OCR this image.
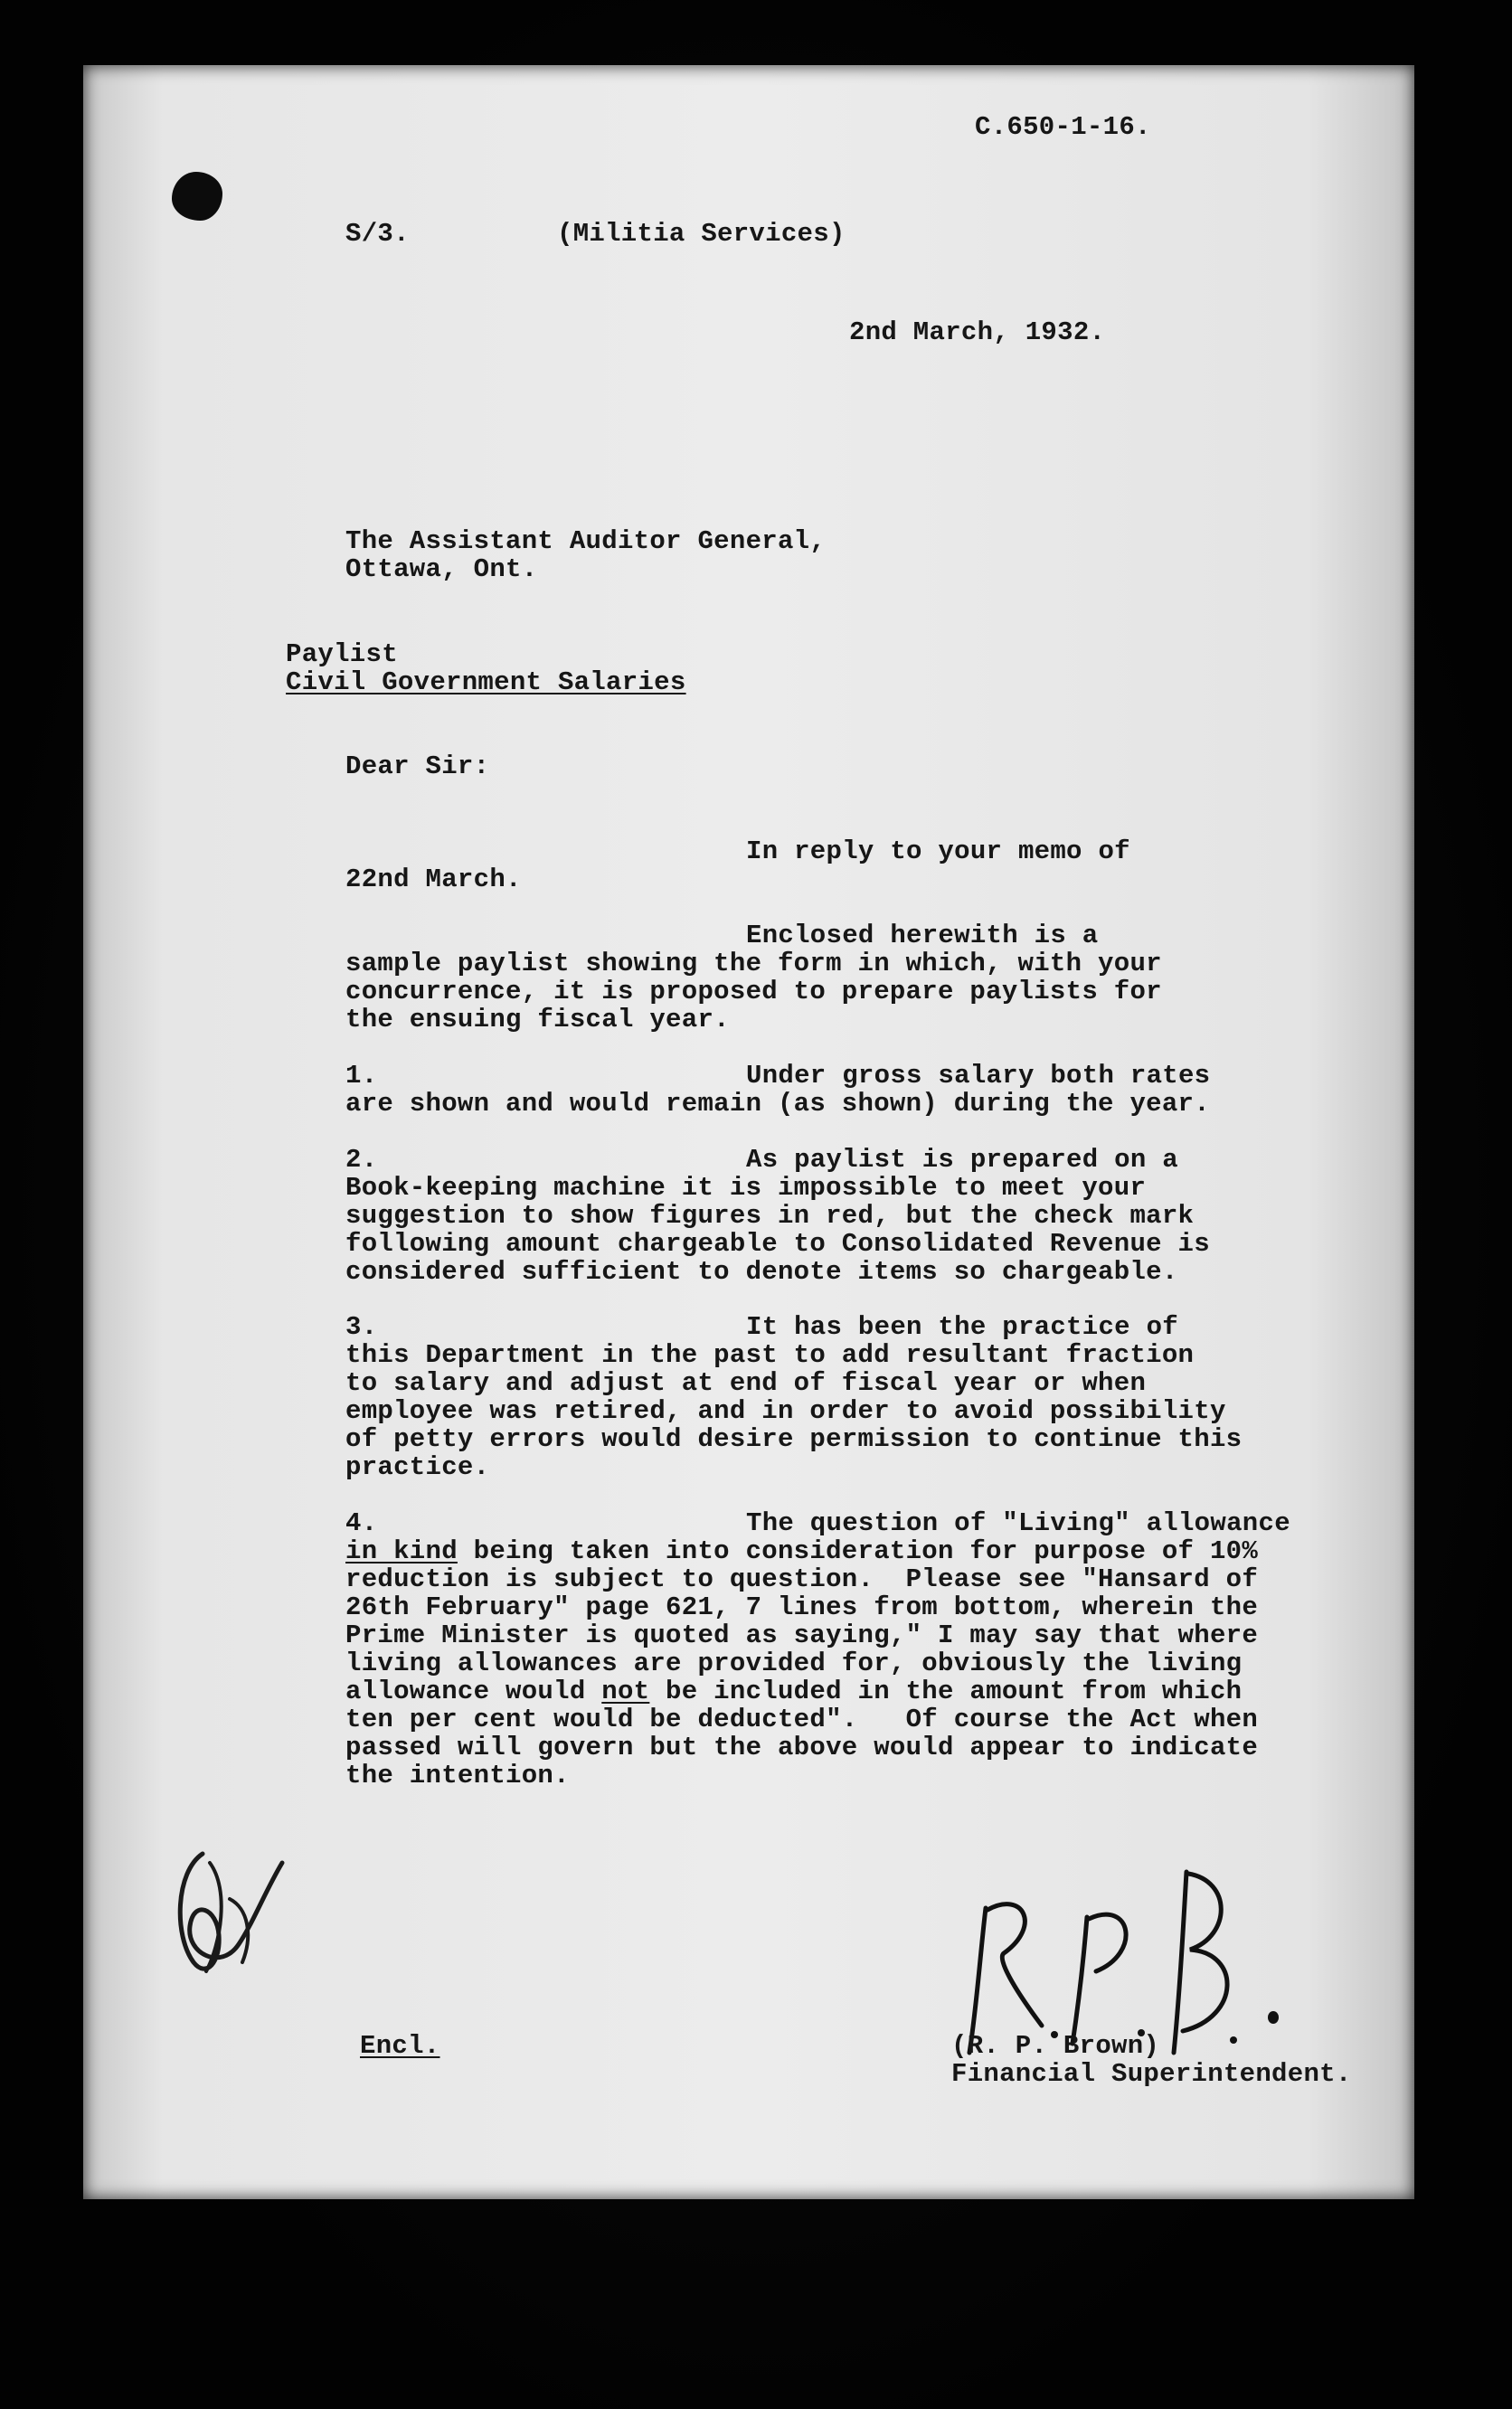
C.650-1-16.

S/3.	(Militia Services)

2nd March, 1932.

The Assistant Auditor General,

Ottawa, Ont.

Paylist

Civil Government Salaries

Dear Sir:

In reply to your memo of

22nd March.

Enclosed herewith is a

sample paylist showing the form in which, with your

concurrence, it is proposed to prepare paylists for

the ensuing fiscal year.

1.	Under gross salary both rates

are shown and would remain (as shown) during the year.

2.	As paylist is prepared on a

Book-keeping machine it is impossible to meet your

suggestion to show figures in red, but the check mark

following amount chargeable to Consolidated Revenue is

considered sufficient to denote items so chargeable.

3.	It has been the practice of

this Department in the past to add resultant fraction

to salary and adjust at end of fiscal year or when

employee was retired, and in order to avoid possibility

of petty errors would desire permission to continue this

practice.

4.	The question of "Living" allowance

in kind being taken into consideration for purpose of 10%

reduction is subject to question.  Please see "Hansard of

26th February" page 621, 7 lines from bottom, wherein the

Prime Minister is quoted as saying," I may say that where

living allowances are provided for, obviously the living

allowance would not be included in the amount from which

ten per cent would be deducted".   Of course the Act when

passed will govern but the above would appear to indicate

the intention.

Encl.	(R. P. Brown)

Financial Superintendent.
